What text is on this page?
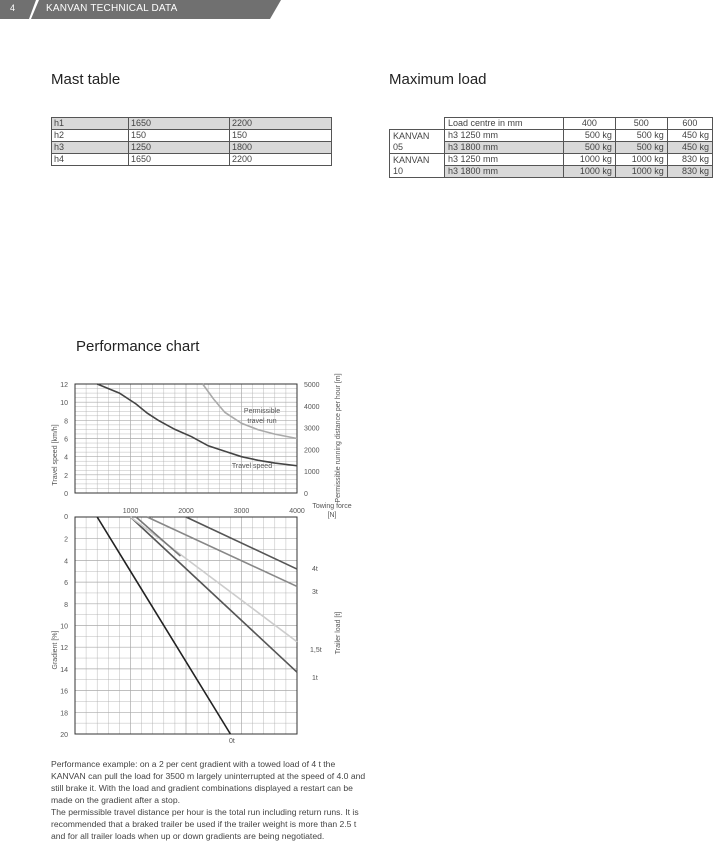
4	KANVAN TECHNICAL DATA
Mast table	Maximum load
h1	1650	2200
h2	150	150
h3	1250	1800
h4	1650	2200
	Load centre in mm	400	500	600
KANVAN 05	h3 1250 mm	500 kg	500 kg	450 kg
	h3 1800 mm	500 kg	500 kg	450 kg
KANVAN 10	h3 1250 mm	1000 kg	1000 kg	830 kg
	h3 1800 mm	1000 kg	1000 kg	830 kg
Performance chart
0
2
4
6
8
10
12
0
1000
2000
3000
4000
5000
1000	2000	3000	4000
0
2
4
6
8
10
12
14
16
18
20
Travel speed [km/h]	Permissible running distance per hour [m]
Towing force
[N]
Gradient [%]	Trailer load [t]
Permissible
travel run
Travel speed
0t
1t
1,5t
3t
4t

Performance example: on a 2 per cent gradient with a towed load of 4 t the
KANVAN can pull the load for 3500 m largely uninterrupted at the speed of 4.0 and
still brake it. With the load and gradient combinations displayed a restart can be
made on the gradient after a stop.
The permissible travel distance per hour is the total run including return runs. It is
recommended that a braked trailer be used if the trailer weight is more than 2.5 t
and for all trailer loads when up or down gradients are being negotiated.
